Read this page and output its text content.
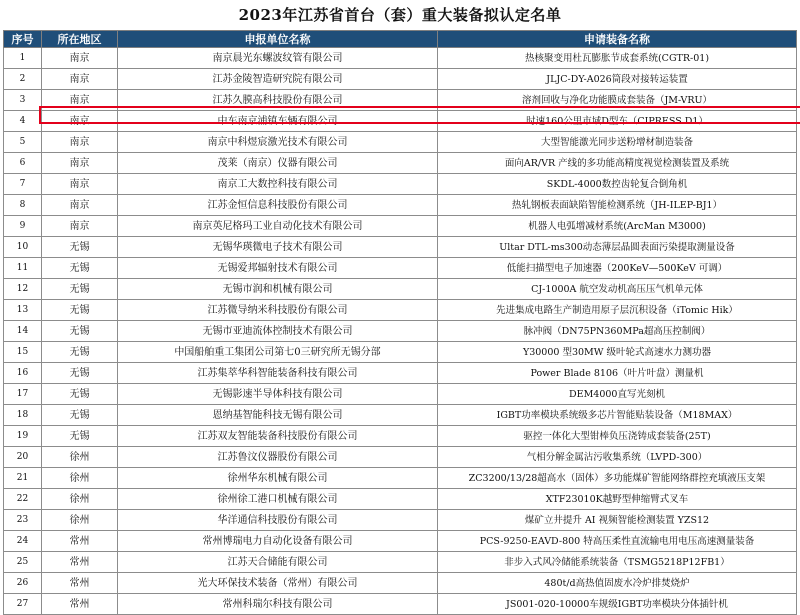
2023年江苏省首台（套）重大装备拟认定名单
序号	所在地区	申报单位名称	申请装备名称
1	南京	南京晨光东螺波纹管有限公司	热核聚变用杜瓦膨胀节成套系统(CGTR-01)
2	南京	江苏金陵智造研究院有限公司	JLJC-DY-A026筒段对接转运装置
3	南京	江苏久膜高科技股份有限公司	溶剂回收与净化功能膜成套装备（JM-VRU）
4	南京	中车南京浦镇车辆有限公司	时速160公里市域D型车（CIPRESS D1）
5	南京	南京中科煜宸激光技术有限公司	大型智能激光同步送粉增材制造装备
6	南京	茂莱（南京）仪器有限公司	面向AR/VR 产线的多功能高精度视觉检测装置及系统
7	南京	南京工大数控科技有限公司	SKDL-4000数控齿轮复合倒角机
8	南京	江苏金恒信息科技股份有限公司	热轧钢板表面缺陷智能检测系统（JH-ILEP-BJ1）
9	南京	南京英尼格玛工业自动化技术有限公司	机器人电弧增减材系统(ArcMan M3000)
10	无锡	无锡华瑛微电子技术有限公司	Ultar DTL-ms300动态薄层晶圆表面污染提取测量设备
11	无锡	无锡爱邦辐射技术有限公司	低能扫描型电子加速器（200KeV—500KeV 可调）
12	无锡	无锡市润和机械有限公司	CJ-1000A 航空发动机高压压气机单元体
13	无锡	江苏微导纳米科技股份有限公司	先进集成电路生产制造用原子层沉积设备（iTomic Hik）
14	无锡	无锡市亚迪流体控制技术有限公司	脉冲阀（DN75PN360MPa超高压控制阀）
15	无锡	中国船舶重工集团公司第七0三研究所无锡分部	Y30000 型30MW 级叶轮式高速水力测功器
16	无锡	江苏集萃华科智能装备科技有限公司	Power Blade 8106（叶片叶盘）测量机
17	无锡	无锡影速半导体科技有限公司	DEM4000直写光刻机
18	无锡	恩纳基智能科技无锡有限公司	IGBT功率模块系统级多芯片智能贴装设备（M18MAX）
19	无锡	江苏双友智能装备科技股份有限公司	驱控一体化大型钳棒负压浇铸成套装备(25T)
20	徐州	江苏鲁汶仪器股份有限公司	气相分解金属沾污收集系统（LVPD-300）
21	徐州	徐州华东机械有限公司	ZC3200/13/28超高水（固体）多功能煤矿智能网络群控充填液压支架
22	徐州	徐州徐工港口机械有限公司	XTF23010K越野型伸缩臂式叉车
23	徐州	华洋通信科技股份有限公司	煤矿立井提升 AI 视频智能检测装置 YZS12
24	常州	常州博瑞电力自动化设备有限公司	PCS-9250-EAVD-800 特高压柔性直流输电用电压高速测量装备
25	常州	江苏天合储能有限公司	非步入式风冷储能系统装备（TSMG5218P12FB1）
26	常州	光大环保技术装备（常州）有限公司	480t/d高热值固废水冷炉排焚烧炉
27	常州	常州科瑞尔科技有限公司	JS001-020-10000车规级IGBT功率模块分体插针机
